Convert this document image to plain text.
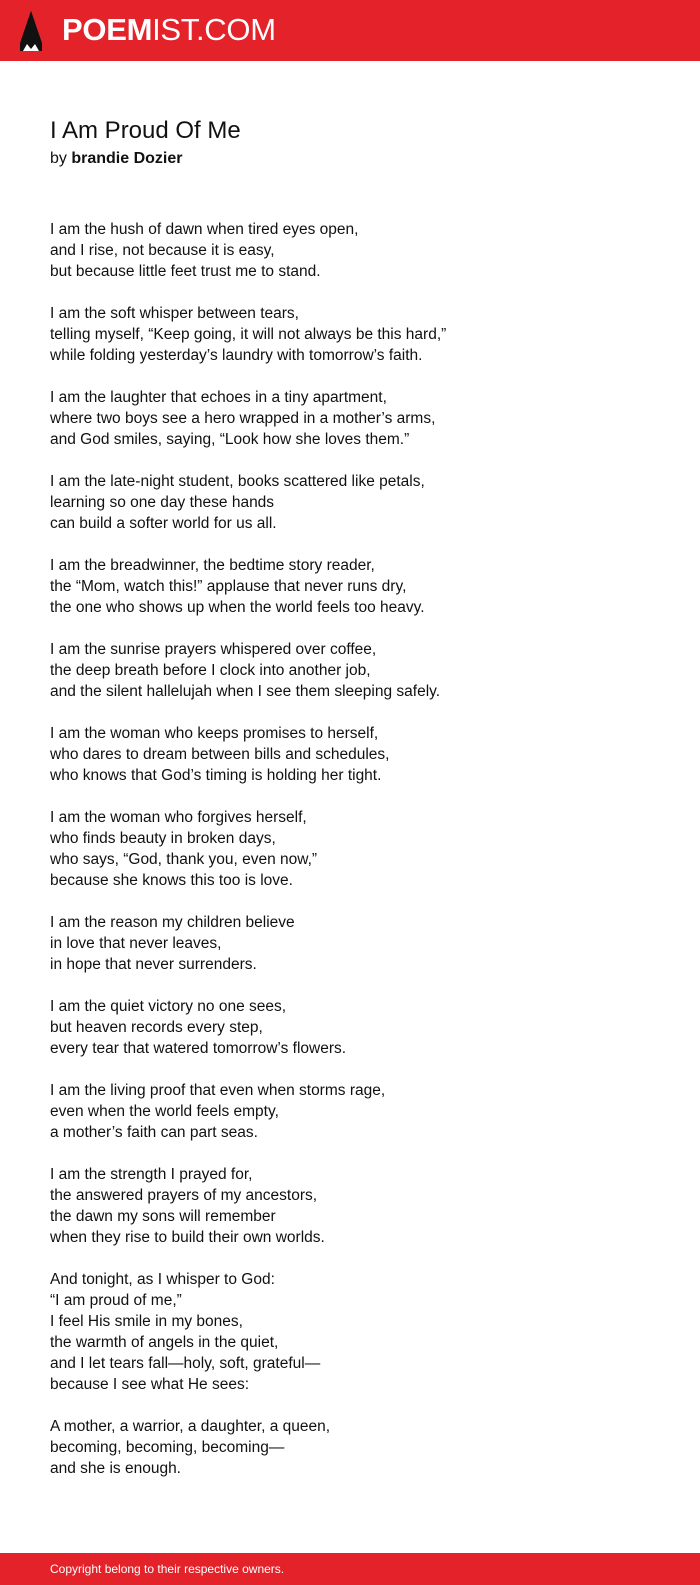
POEMIST.COM
I Am Proud Of Me
by brandie Dozier
I am the hush of dawn when tired eyes open,
and I rise, not because it is easy,
but because little feet trust me to stand.
I am the soft whisper between tears,
telling myself, “Keep going, it will not always be this hard,”
while folding yesterday’s laundry with tomorrow’s faith.
I am the laughter that echoes in a tiny apartment,
where two boys see a hero wrapped in a mother’s arms,
and God smiles, saying, “Look how she loves them.”
I am the late-night student, books scattered like petals,
learning so one day these hands
can build a softer world for us all.
I am the breadwinner, the bedtime story reader,
the “Mom, watch this!” applause that never runs dry,
the one who shows up when the world feels too heavy.
I am the sunrise prayers whispered over coffee,
the deep breath before I clock into another job,
and the silent hallelujah when I see them sleeping safely.
I am the woman who keeps promises to herself,
who dares to dream between bills and schedules,
who knows that God’s timing is holding her tight.
I am the woman who forgives herself,
who finds beauty in broken days,
who says, “God, thank you, even now,”
because she knows this too is love.
I am the reason my children believe
in love that never leaves,
in hope that never surrenders.
I am the quiet victory no one sees,
but heaven records every step,
every tear that watered tomorrow’s flowers.
I am the living proof that even when storms rage,
even when the world feels empty,
a mother’s faith can part seas.
I am the strength I prayed for,
the answered prayers of my ancestors,
the dawn my sons will remember
when they rise to build their own worlds.
And tonight, as I whisper to God:
“I am proud of me,”
I feel His smile in my bones,
the warmth of angels in the quiet,
and I let tears fall—holy, soft, grateful—
because I see what He sees:
A mother, a warrior, a daughter, a queen,
becoming, becoming, becoming—
and she is enough.
Copyright belong to their respective owners.
